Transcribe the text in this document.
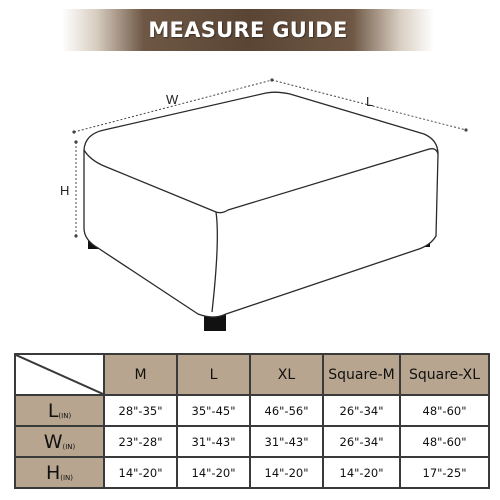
MEASURE GUIDE
W	L
H
	M	L	XL	Square-M	Square-XL
L(IN)	28"-35"	35"-45"	46"-56"	26"-34"	48"-60"
W(IN)	23"-28"	31"-43"	31"-43"	26"-34"	48"-60"
H(IN)	14"-20"	14"-20"	14"-20"	14"-20"	17"-25"
